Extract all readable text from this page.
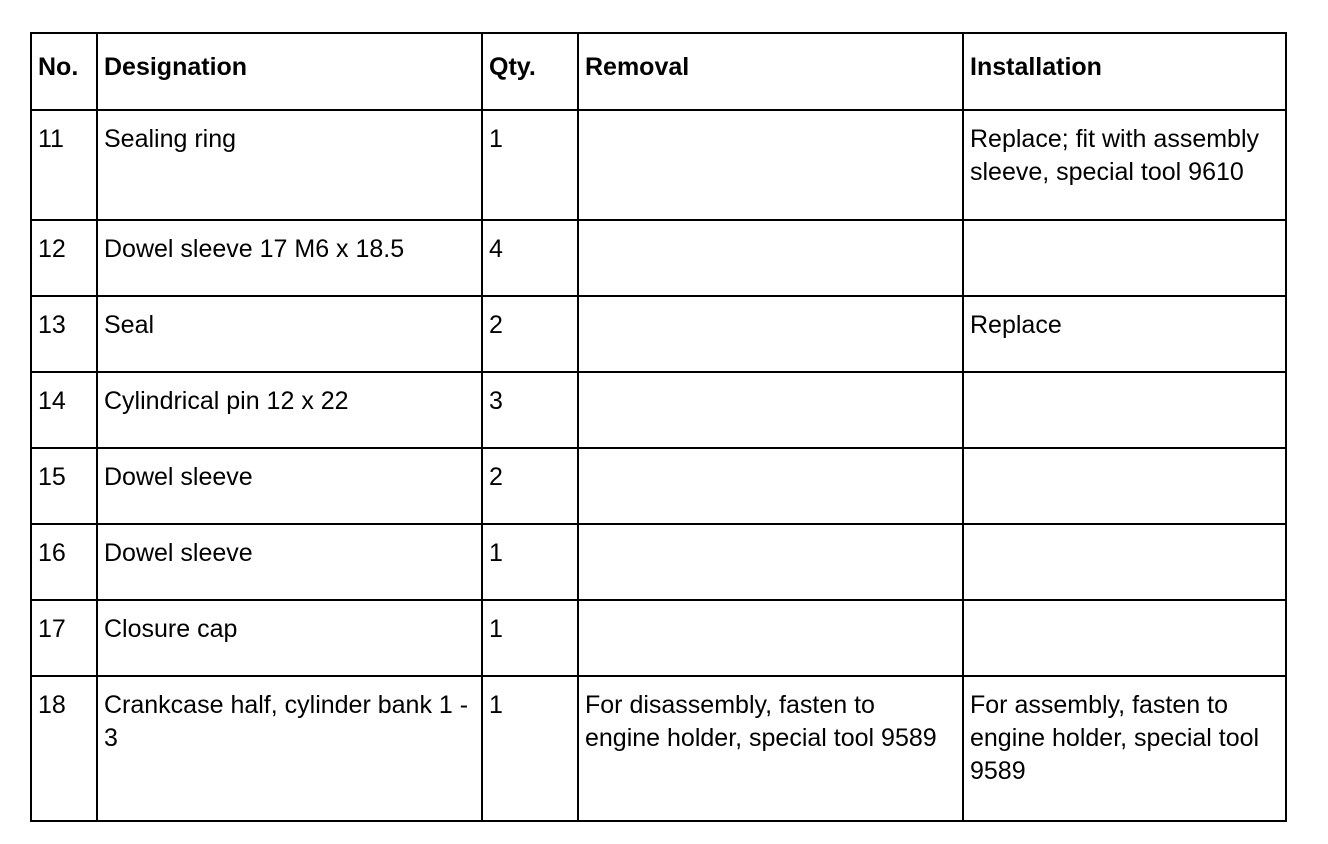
No.	Designation	Qty.	Removal	Installation
11	Sealing ring	1		Replace; fit with assembly sleeve, special tool 9610
12	Dowel sleeve 17 M6 x 18.5	4		
13	Seal	2		Replace
14	Cylindrical pin 12 x 22	3		
15	Dowel sleeve	2		
16	Dowel sleeve	1		
17	Closure cap	1		
18	Crankcase half, cylinder bank 1 - 3	1	For disassembly, fasten to engine holder, special tool 9589	For assembly, fasten to engine holder, special tool 9589
